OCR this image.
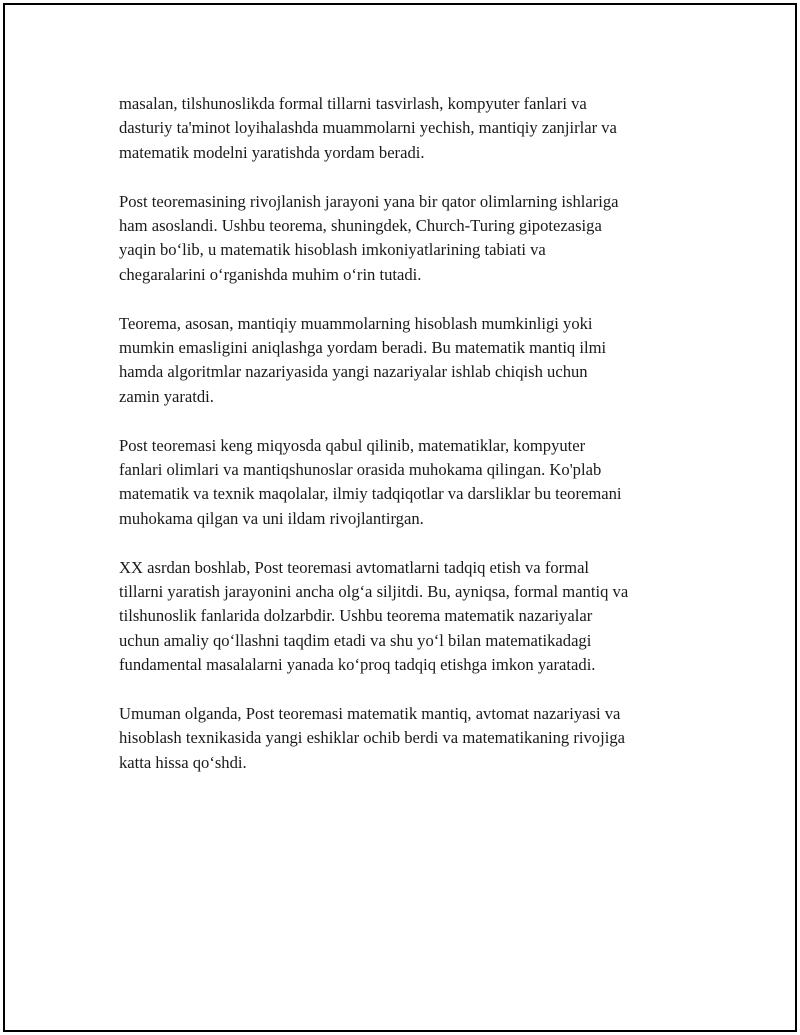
masalan, tilshunoslikda formal tillarni tasvirlash, kompyuter fanlari va
dasturiy ta'minot loyihalashda muammolarni yechish, mantiqiy zanjirlar va
matematik modelni yaratishda yordam beradi.

Post teoremasining rivojlanish jarayoni yana bir qator olimlarning ishlariga
ham asoslandi. Ushbu teorema, shuningdek, Church-Turing gipotezasiga
yaqin bo‘lib, u matematik hisoblash imkoniyatlarining tabiati va
chegaralarini o‘rganishda muhim o‘rin tutadi.

Teorema, asosan, mantiqiy muammolarning hisoblash mumkinligi yoki
mumkin emasligini aniqlashga yordam beradi. Bu matematik mantiq ilmi
hamda algoritmlar nazariyasida yangi nazariyalar ishlab chiqish uchun
zamin yaratdi.

Post teoremasi keng miqyosda qabul qilinib, matematiklar, kompyuter
fanlari olimlari va mantiqshunoslar orasida muhokama qilingan. Ko'plab
matematik va texnik maqolalar, ilmiy tadqiqotlar va darsliklar bu teoremani
muhokama qilgan va uni ildam rivojlantirgan.

XX asrdan boshlab, Post teoremasi avtomatlarni tadqiq etish va formal
tillarni yaratish jarayonini ancha olg‘a siljitdi. Bu, ayniqsa, formal mantiq va
tilshunoslik fanlarida dolzarbdir. Ushbu teorema matematik nazariyalar
uchun amaliy qo‘llashni taqdim etadi va shu yo‘l bilan matematikadagi
fundamental masalalarni yanada ko‘proq tadqiq etishga imkon yaratadi.

Umuman olganda, Post teoremasi matematik mantiq, avtomat nazariyasi va
hisoblash texnikasida yangi eshiklar ochib berdi va matematikaning rivojiga
katta hissa qo‘shdi.
